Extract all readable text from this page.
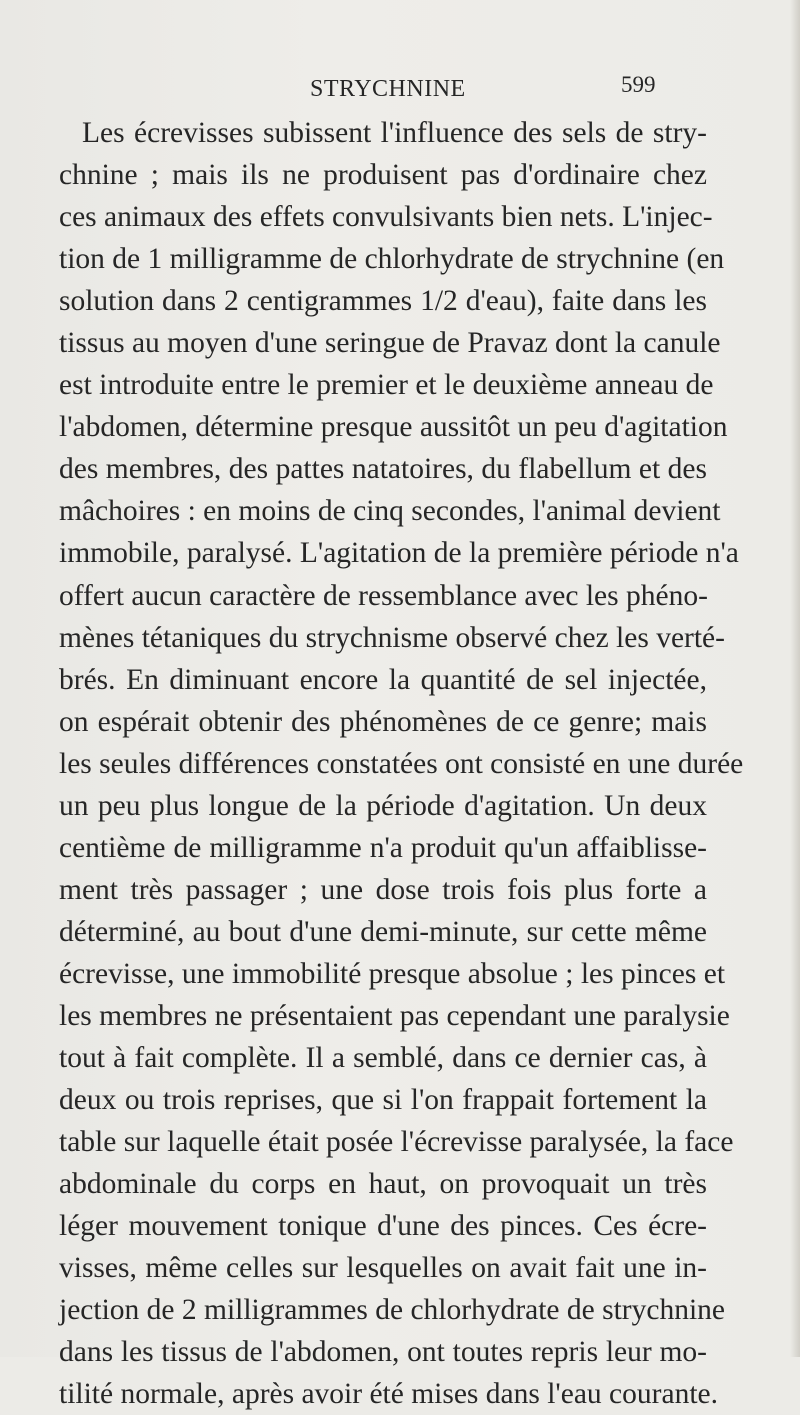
STRYCHNINE	599
Les écrevisses subissent l'influence des sels de stry-
chnine ; mais ils ne produisent pas d'ordinaire chez
ces animaux des effets convulsivants bien nets. L'injec-
tion de 1 milligramme de chlorhydrate de strychnine (en
solution dans 2 centigrammes 1/2 d'eau), faite dans les
tissus au moyen d'une seringue de Pravaz dont la canule
est introduite entre le premier et le deuxième anneau de
l'abdomen, détermine presque aussitôt un peu d'agitation
des membres, des pattes natatoires, du flabellum et des
mâchoires : en moins de cinq secondes, l'animal devient
immobile, paralysé. L'agitation de la première période n'a
offert aucun caractère de ressemblance avec les phéno-
mènes tétaniques du strychnisme observé chez les verté-
brés. En diminuant encore la quantité de sel injectée,
on espérait obtenir des phénomènes de ce genre; mais
les seules différences constatées ont consisté en une durée
un peu plus longue de la période d'agitation. Un deux
centième de milligramme n'a produit qu'un affaiblisse-
ment très passager ; une dose trois fois plus forte a
déterminé, au bout d'une demi-minute, sur cette même
écrevisse, une immobilité presque absolue ; les pinces et
les membres ne présentaient pas cependant une paralysie
tout à fait complète. Il a semblé, dans ce dernier cas, à
deux ou trois reprises, que si l'on frappait fortement la
table sur laquelle était posée l'écrevisse paralysée, la face
abdominale du corps en haut, on provoquait un très
léger mouvement tonique d'une des pinces. Ces écre-
visses, même celles sur lesquelles on avait fait une in-
jection de 2 milligrammes de chlorhydrate de strychnine
dans les tissus de l'abdomen, ont toutes repris leur mo-
tilité normale, après avoir été mises dans l'eau courante.
